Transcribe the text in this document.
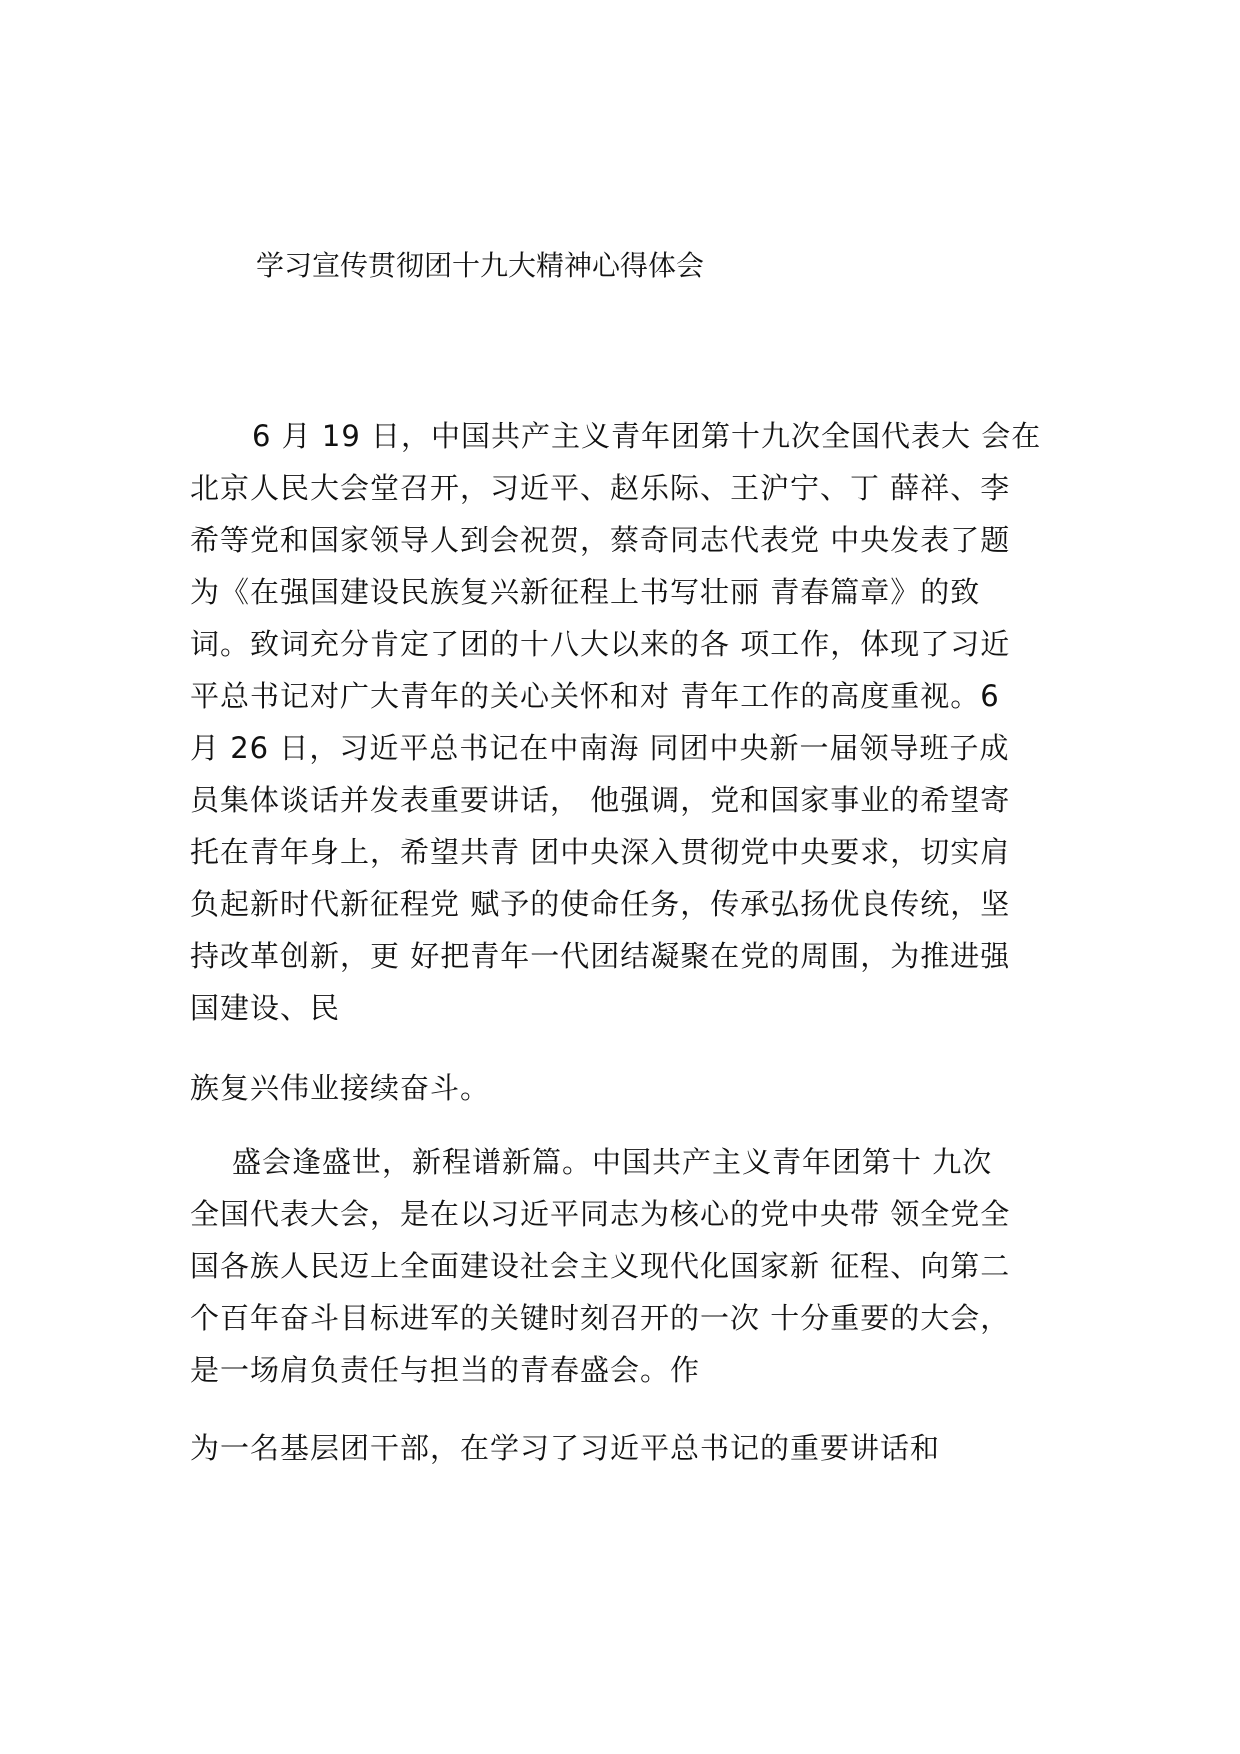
学习宣传贯彻团十九大精神心得体会
6 月 19 日，中国共产主义青年团第十九次全国代表大 会在
北京人民大会堂召开，习近平、赵乐际、王沪宁、丁 薛祥、李
希等党和国家领导人到会祝贺，蔡奇同志代表党 中央发表了题
为《在强国建设民族复兴新征程上书写壮丽 青春篇章》的致
词。致词充分肯定了团的十八大以来的各 项工作，体现了习近
平总书记对广大青年的关心关怀和对 青年工作的高度重视。6
月 26 日，习近平总书记在中南海 同团中央新一届领导班子成
员集体谈话并发表重要讲话， 他强调，党和国家事业的希望寄
托在青年身上，希望共青 团中央深入贯彻党中央要求，切实肩
负起新时代新征程党 赋予的使命任务，传承弘扬优良传统，坚
持改革创新，更 好把青年一代团结凝聚在党的周围，为推进强
国建设、民
族复兴伟业接续奋斗。
盛会逢盛世，新程谱新篇。中国共产主义青年团第十 九次
全国代表大会，是在以习近平同志为核心的党中央带 领全党全
国各族人民迈上全面建设社会主义现代化国家新 征程、向第二
个百年奋斗目标进军的关键时刻召开的一次 十分重要的大会，
是一场肩负责任与担当的青春盛会。作
为一名基层团干部，在学习了习近平总书记的重要讲话和
